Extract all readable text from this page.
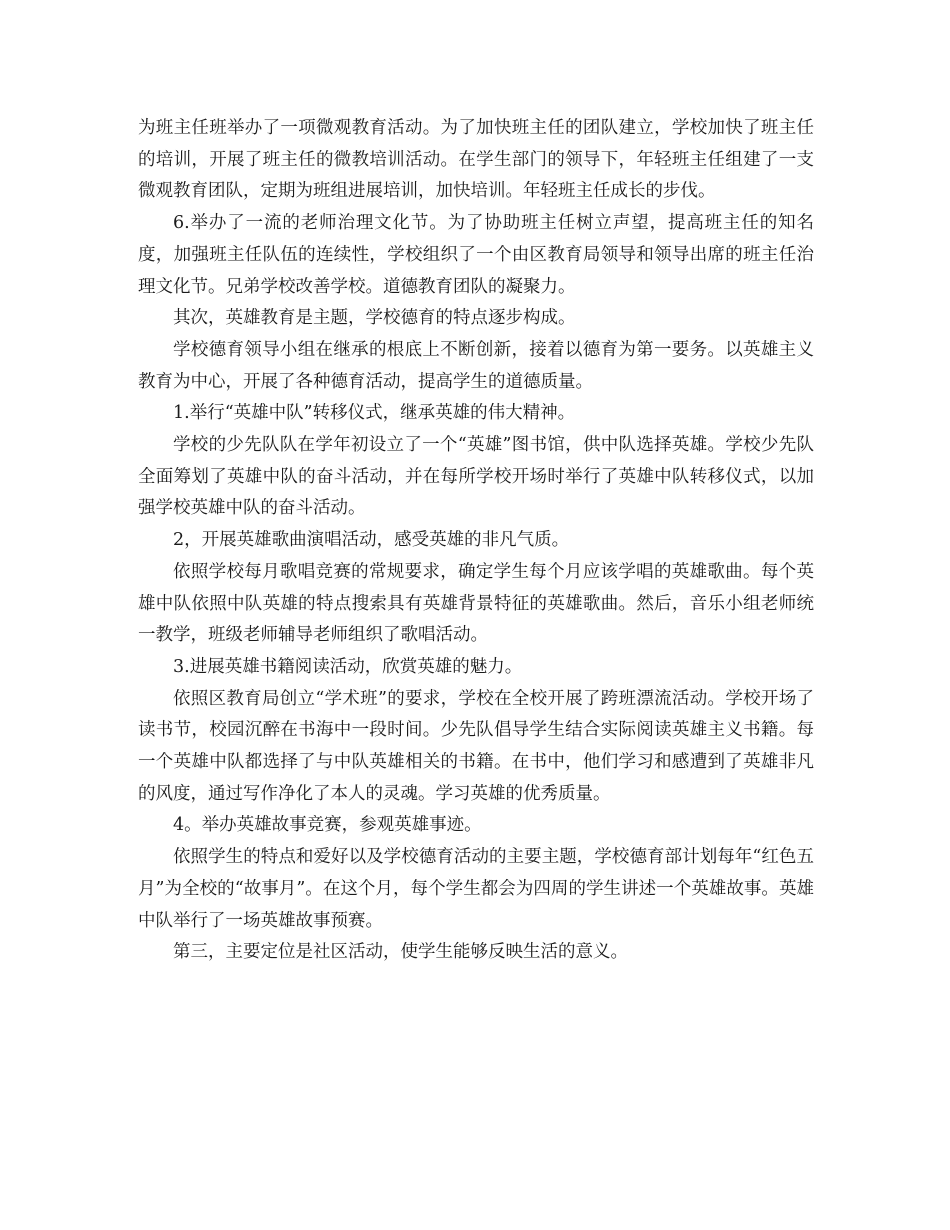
为班主任班举办了一项微观教育活动。为了加快班主任的团队建立，学校加快了班主任的培训，开展了班主任的微教培训活动。在学生部门的领导下，年轻班主任组建了一支微观教育团队，定期为班组进展培训，加快培训。年轻班主任成长的步伐。

6.举办了一流的老师治理文化节。为了协助班主任树立声望，提高班主任的知名度，加强班主任队伍的连续性，学校组织了一个由区教育局领导和领导出席的班主任治理文化节。兄弟学校改善学校。道德教育团队的凝聚力。

其次，英雄教育是主题，学校德育的特点逐步构成。

学校德育领导小组在继承的根底上不断创新，接着以德育为第一要务。以英雄主义教育为中心，开展了各种德育活动，提高学生的道德质量。

1.举行“英雄中队”转移仪式，继承英雄的伟大精神。

学校的少先队队在学年初设立了一个“英雄”图书馆，供中队选择英雄。学校少先队全面筹划了英雄中队的奋斗活动，并在每所学校开场时举行了英雄中队转移仪式，以加强学校英雄中队的奋斗活动。

2，开展英雄歌曲演唱活动，感受英雄的非凡气质。

依照学校每月歌唱竞赛的常规要求，确定学生每个月应该学唱的英雄歌曲。每个英雄中队依照中队英雄的特点搜索具有英雄背景特征的英雄歌曲。然后，音乐小组老师统一教学，班级老师辅导老师组织了歌唱活动。

3.进展英雄书籍阅读活动，欣赏英雄的魅力。

依照区教育局创立“学术班”的要求，学校在全校开展了跨班漂流活动。学校开场了读书节，校园沉醉在书海中一段时间。少先队倡导学生结合实际阅读英雄主义书籍。每一个英雄中队都选择了与中队英雄相关的书籍。在书中，他们学习和感遭到了英雄非凡的风度，通过写作净化了本人的灵魂。学习英雄的优秀质量。

4。举办英雄故事竞赛，参观英雄事迹。

依照学生的特点和爱好以及学校德育活动的主要主题，学校德育部计划每年“红色五月”为全校的“故事月”。在这个月，每个学生都会为四周的学生讲述一个英雄故事。英雄中队举行了一场英雄故事预赛。

第三，主要定位是社区活动，使学生能够反映生活的意义。
